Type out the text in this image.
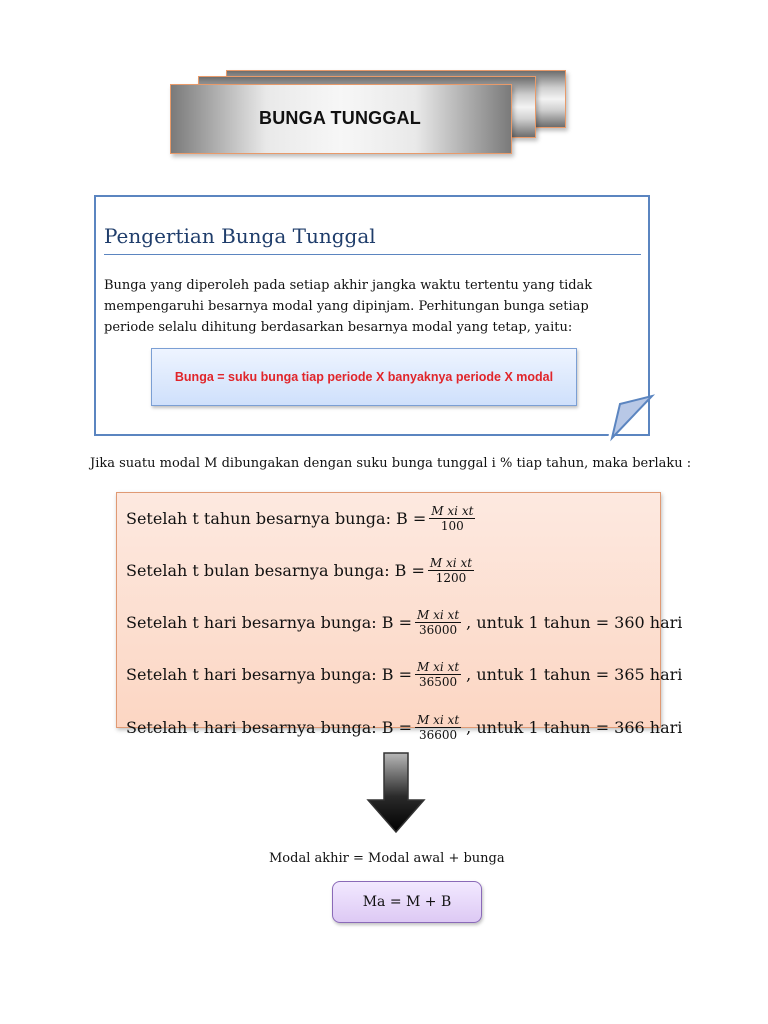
BUNGA TUNGGAL
Pengertian Bunga Tunggal
Bunga yang diperoleh pada setiap akhir jangka waktu tertentu yang tidak mempengaruhi besarnya modal yang dipinjam. Perhitungan bunga setiap periode selalu dihitung berdasarkan besarnya modal yang tetap, yaitu:
Bunga = suku bunga tiap periode X banyaknya periode X modal
Jika suatu modal M dibungakan dengan suku bunga tunggal i % tiap tahun, maka berlaku :
Setelah t tahun besarnya bunga: $B = \frac{\text{M xi xt}}{100}$
Setelah t bulan besarnya bunga: $B = \frac{\text{M xi xt}}{1200}$
Setelah t hari besarnya bunga: $B = \frac{\text{M xi xt}}{36000}$ , untuk 1 tahun = 360 hari
Setelah t hari besarnya bunga: $B = \frac{\text{M xi xt}}{36500}$ , untuk 1 tahun = 365 hari
Setelah t hari besarnya bunga: $B = \frac{\text{M xi xt}}{36600}$ , untuk 1 tahun = 366 hari
Modal akhir = Modal awal + bunga
Ma = M + B
